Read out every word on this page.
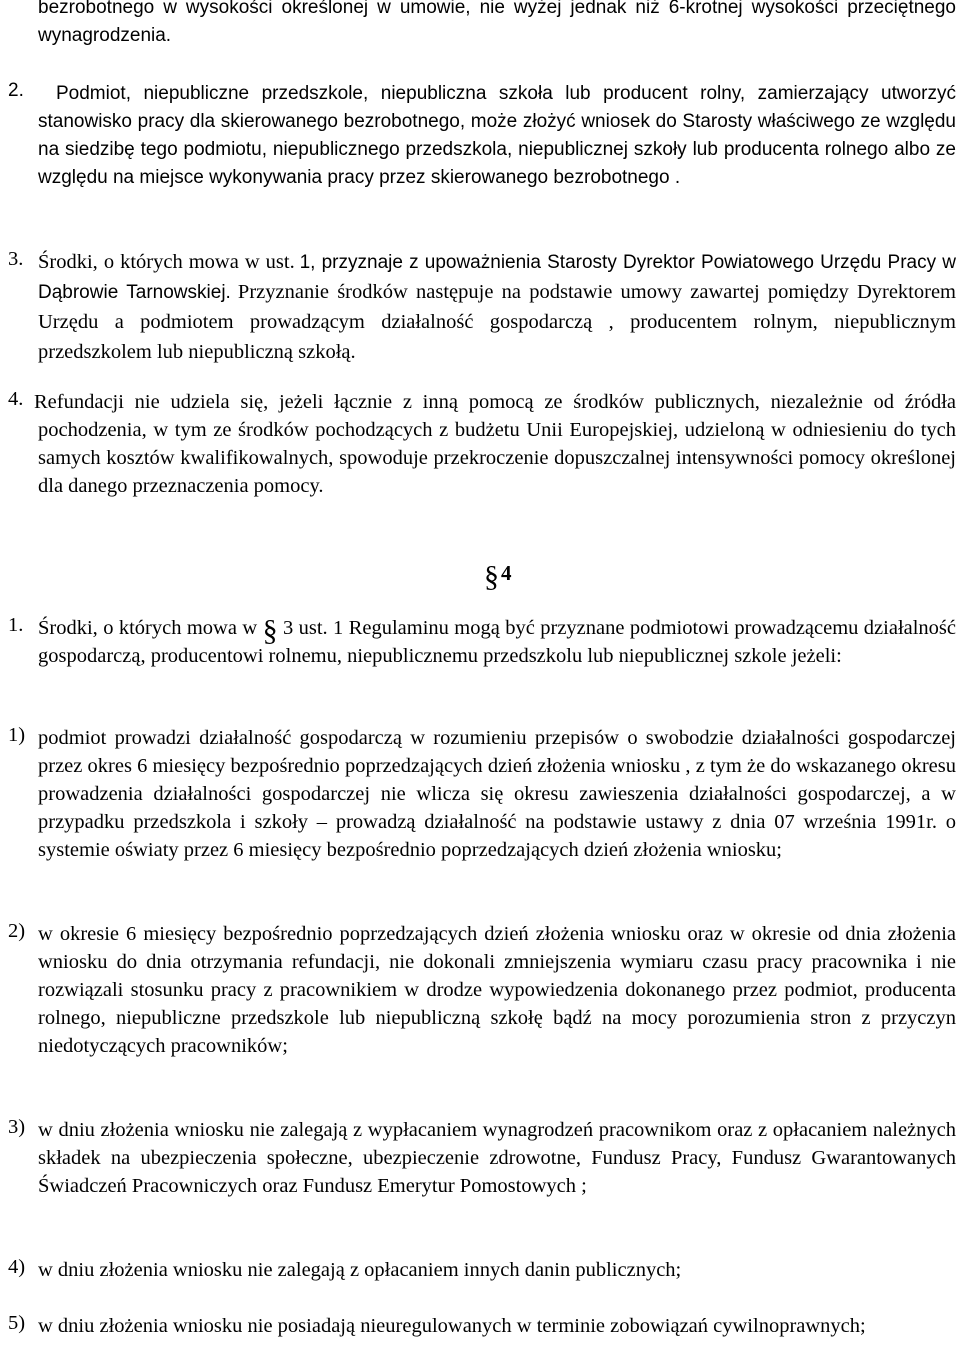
bezrobotnego w wysokości określonej w umowie, nie wyżej jednak niż 6-krotnej wysokości przeciętnego wynagrodzenia.

2.	Podmiot, niepubliczne przedszkole, niepubliczna szkoła lub producent rolny, zamierzający utworzyć stanowisko pracy dla skierowanego bezrobotnego, może złożyć wniosek do Starosty właściwego ze względu na siedzibę tego podmiotu, niepublicznego przedszkola, niepublicznej szkoły lub producenta rolnego albo ze względu na miejsce wykonywania pracy przez skierowanego bezrobotnego .

3. Środki, o których mowa w ust. 1, przyznaje z upoważnienia Starosty Dyrektor Powiatowego Urzędu Pracy w Dąbrowie Tarnowskiej. Przyznanie środków następuje na podstawie umowy zawartej pomiędzy Dyrektorem Urzędu a podmiotem prowadzącym działalność gospodarczą , producentem rolnym, niepublicznym przedszkolem lub niepubliczną szkołą.

4. Refundacji nie udziela się, jeżeli łącznie z inną pomocą ze środków publicznych, niezależnie od źródła pochodzenia, w tym ze środków pochodzących z budżetu Unii Europejskiej, udzieloną w odniesieniu do tych samych kosztów kwalifikowalnych, spowoduje przekroczenie dopuszczalnej intensywności pomocy określonej dla danego przeznaczenia pomocy.

§4
1. Środki, o których mowa w § 3 ust. 1 Regulaminu mogą być przyznane podmiotowi prowadzącemu działalność gospodarczą, producentowi rolnemu, niepublicznemu przedszkolu lub niepublicznej szkole jeżeli:

1) podmiot prowadzi działalność gospodarczą w rozumieniu przepisów o swobodzie działalności gospodarczej przez okres 6 miesięcy bezpośrednio poprzedzających dzień złożenia wniosku , z tym że do wskazanego okresu prowadzenia działalności gospodarczej nie wlicza się okresu zawieszenia działalności gospodarczej, a w przypadku przedszkola i szkoły – prowadzą działalność na podstawie ustawy z dnia 07 września 1991r. o systemie oświaty przez 6 miesięcy bezpośrednio poprzedzających dzień złożenia wniosku;

2) w okresie 6 miesięcy bezpośrednio poprzedzających dzień złożenia wniosku oraz w okresie od dnia złożenia wniosku do dnia otrzymania refundacji, nie dokonali zmniejszenia wymiaru czasu pracy pracownika i nie rozwiązali stosunku pracy z pracownikiem w drodze wypowiedzenia dokonanego przez podmiot, producenta rolnego, niepubliczne przedszkole lub niepubliczną szkołę bądź na mocy porozumienia stron z przyczyn niedotyczących pracowników;

3) w dniu złożenia wniosku nie zalegają z wypłacaniem wynagrodzeń pracownikom oraz z opłacaniem należnych składek na ubezpieczenia społeczne, ubezpieczenie zdrowotne, Fundusz Pracy, Fundusz Gwarantowanych Świadczeń Pracowniczych oraz Fundusz Emerytur Pomostowych ;

4) w dniu złożenia wniosku nie zalegają z opłacaniem innych danin publicznych;

5) w dniu złożenia wniosku nie posiadają nieuregulowanych w terminie zobowiązań cywilnoprawnych;
